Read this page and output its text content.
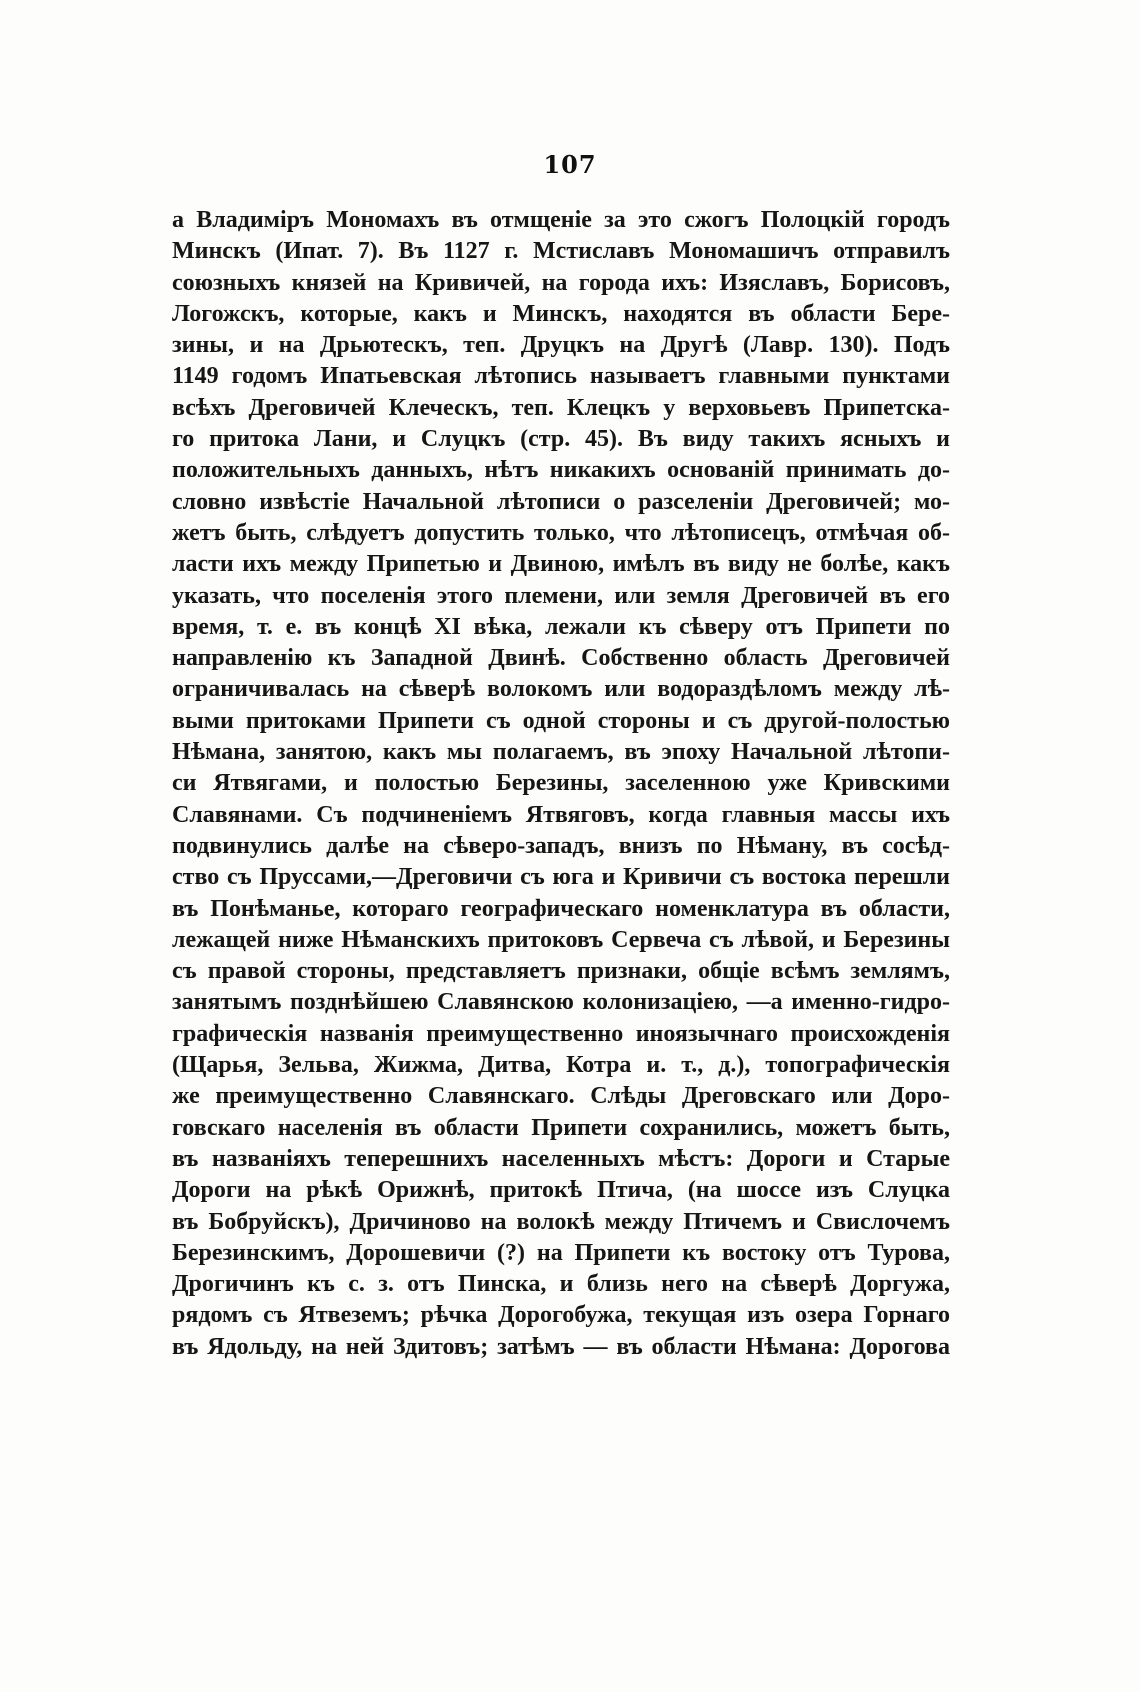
107
а Владиміръ Мономахъ въ отмщеніе за это сжогъ Полоцкій городъ
Минскъ (Ипат. 7). Въ 1127 г. Мстиславъ Мономашичъ отправилъ
союзныхъ князей на Кривичей, на города ихъ: Изяславъ, Борисовъ,
Логожскъ, которые, какъ и Минскъ, находятся въ области Бере-
зины, и на Дрьютескъ, теп. Друцкъ на Другѣ (Лавр. 130). Подъ
1149 годомъ Ипатьевская лѣтопись называетъ главными пунктами
всѣхъ Дреговичей Клеческъ, теп. Клецкъ у верховьевъ Припетска-
го притока Лани, и Слуцкъ (стр. 45). Въ виду такихъ ясныхъ и
положительныхъ данныхъ, нѣтъ никакихъ основаній принимать до-
словно извѣстіе Начальной лѣтописи о разселеніи Дреговичей; мо-
жетъ быть, слѣдуетъ допустить только, что лѣтописецъ, отмѣчая об-
ласти ихъ между Припетью и Двиною, имѣлъ въ виду не болѣе, какъ
указать, что поселенія этого племени, или земля Дреговичей въ его
время, т. е. въ концѣ XI вѣка, лежали къ сѣверу отъ Припети по
направленію къ Западной Двинѣ. Собственно область Дреговичей
ограничивалась на сѣверѣ волокомъ или водораздѣломъ между лѣ-
выми притоками Припети съ одной стороны и съ другой-полостью
Нѣмана, занятою, какъ мы полагаемъ, въ эпоху Начальной лѣтопи-
си Ятвягами, и полостью Березины, заселенною уже Кривскими
Славянами. Съ подчиненіемъ Ятвяговъ, когда главныя массы ихъ
подвинулись далѣе на сѣверо-западъ, внизъ по Нѣману, въ сосѣд-
ство съ Пруссами,—Дреговичи съ юга и Кривичи съ востока перешли
въ Понѣманье, котораго географическаго номенклатура въ области,
лежащей ниже Нѣманскихъ притоковъ Сервеча съ лѣвой, и Березины
съ правой стороны, представляетъ признаки, общіе всѣмъ землямъ,
занятымъ позднѣйшею Славянскою колонизаціею, —а именно-гидро-
графическія названія преимущественно иноязычнаго происхожденія
(Щарья, Зельва, Жижма, Дитва, Котра и. т., д.), топографическія
же преимущественно Славянскаго. Слѣды Дреговскаго или Доро-
говскаго населенія въ области Припети сохранились, можетъ быть,
въ названіяхъ теперешнихъ населенныхъ мѣстъ: Дороги и Старые
Дороги на рѣкѣ Орижнѣ, притокѣ Птича, (на шоссе изъ Слуцка
въ Бобруйскъ), Дричиново на волокѣ между Птичемъ и Свислочемъ
Березинскимъ, Дорошевичи (?) на Припети къ востоку отъ Турова,
Дрогичинъ къ с. з. отъ Пинска, и близь него на сѣверѣ Доргужа,
рядомъ съ Ятвеземъ; рѣчка Дорогобужа, текущая изъ озера Горнаго
въ Ядольду, на ней Здитовъ; затѣмъ — въ области Нѣмана: Дорогова
